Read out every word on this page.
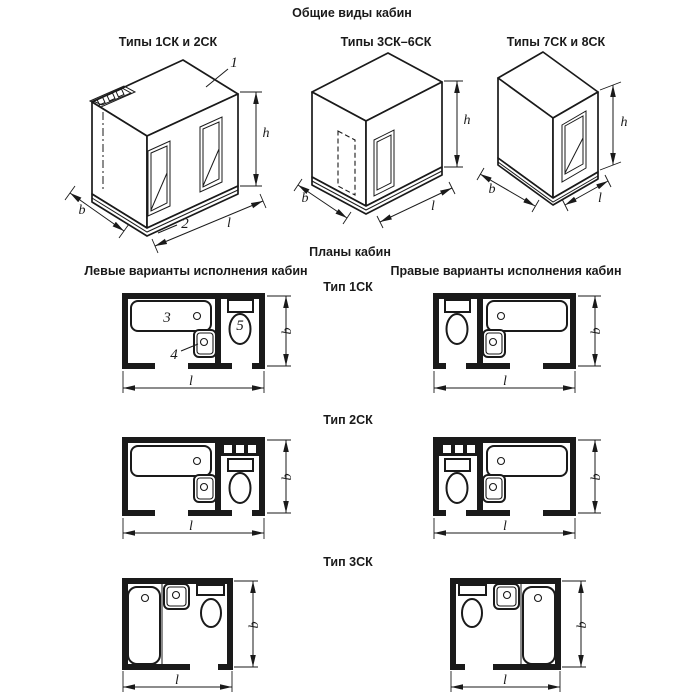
Общие виды кабин
Типы 1СК и 2СК	Типы 3СК–6СК	Типы 7СК и 8СК
1
2
h
b
l
h
b
l
h
b
l
Планы кабин
Левые варианты исполнения кабин	Правые варианты исполнения кабин
Тип 1СК
3
4
5	b
l
b
l
Тип 2СК
b
l
b
l
Тип 3СК
b
l
b
l
